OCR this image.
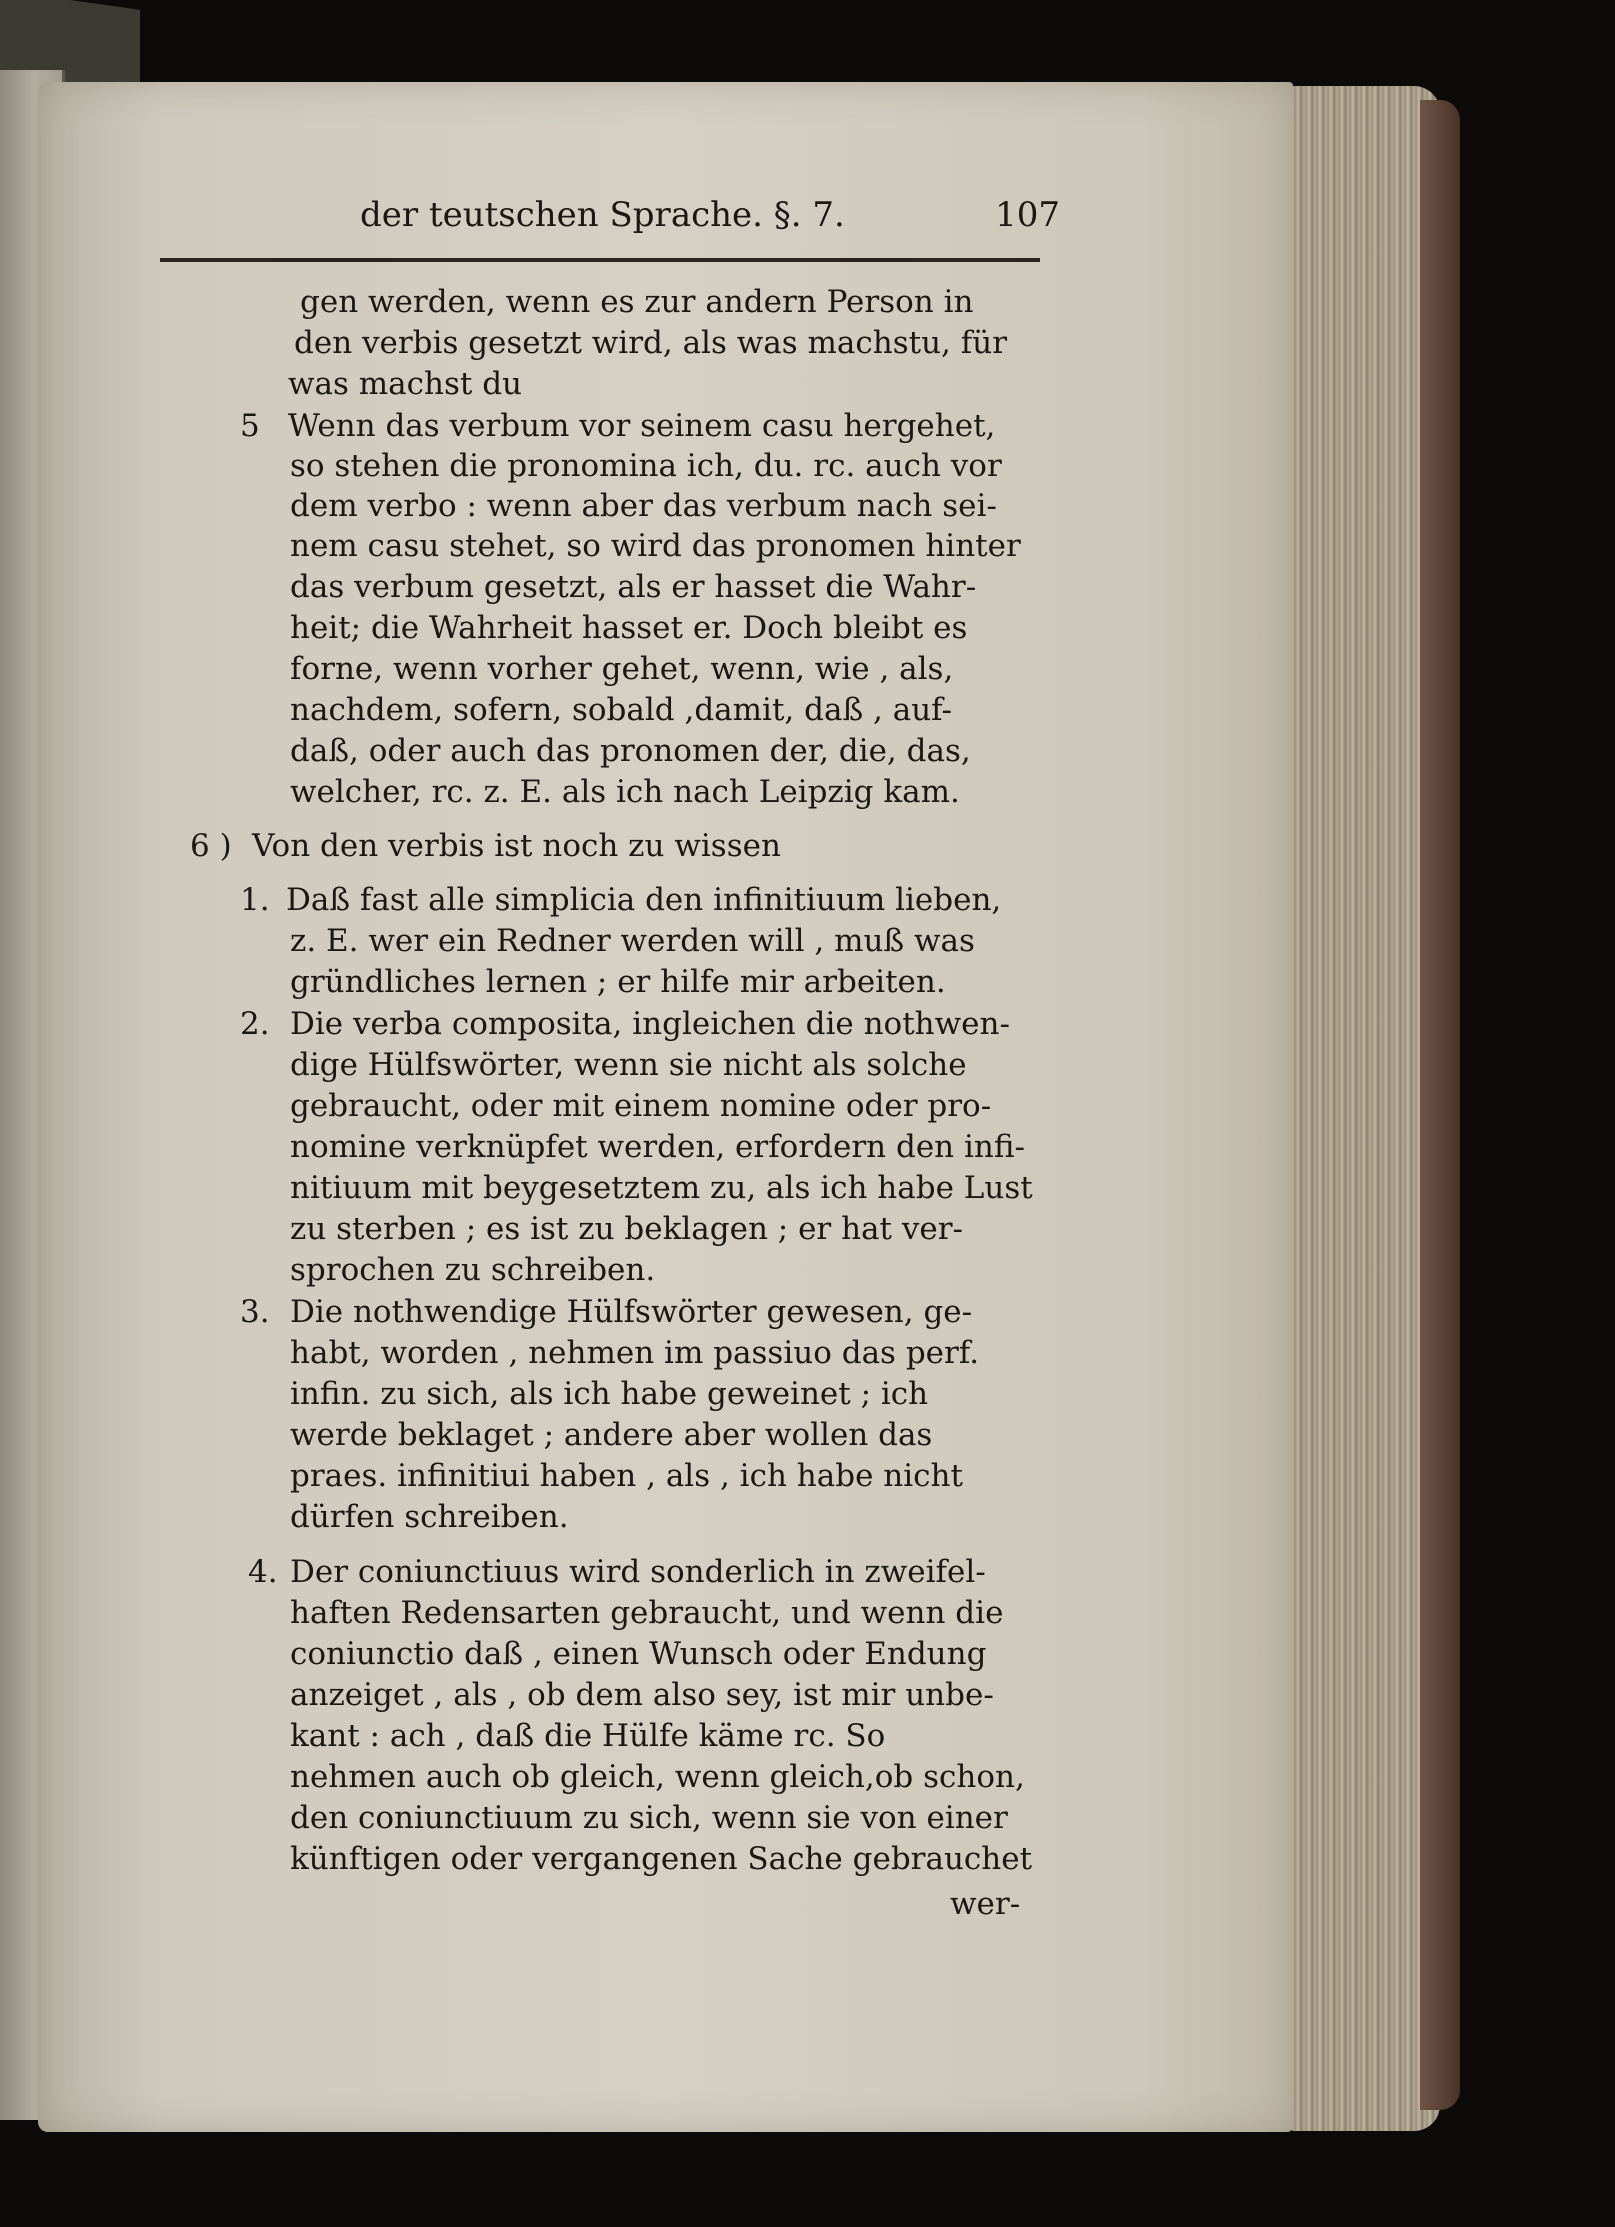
der teutschen Sprache. §. 7.	107
5
6 )
1.
2.
3.
4.
gen werden, wenn es zur andern Person in
den verbis gesetzt wird, als was machstu, für
was machst du
Wenn das verbum vor seinem casu hergehet,
so stehen die pronomina ich, du. rc. auch vor
dem verbo : wenn aber das verbum nach sei-
nem casu stehet, so wird das pronomen hinter
das verbum gesetzt, als er hasset die Wahr-
heit; die Wahrheit hasset er. Doch bleibt es
forne, wenn vorher gehet, wenn, wie , als,
nachdem, sofern, sobald ,damit, daß , auf-
daß, oder auch das pronomen der, die, das,
welcher, rc. z. E. als ich nach Leipzig kam.
Von den verbis ist noch zu wissen
Daß fast alle simplicia den infinitiuum lieben,
z. E. wer ein Redner werden will , muß was
gründliches lernen ; er hilfe mir arbeiten.
Die verba composita, ingleichen die nothwen-
dige Hülfswörter, wenn sie nicht als solche
gebraucht, oder mit einem nomine oder pro-
nomine verknüpfet werden, erfordern den infi-
nitiuum mit beygesetztem zu, als ich habe Lust
zu sterben ; es ist zu beklagen ; er hat ver-
sprochen zu schreiben.
Die nothwendige Hülfswörter gewesen, ge-
habt, worden , nehmen im passiuo das perf.
infin. zu sich, als ich habe geweinet ; ich
werde beklaget ; andere aber wollen das
praes. infinitiui haben , als , ich habe nicht
dürfen schreiben.
Der coniunctiuus wird sonderlich in zweifel-
haften Redensarten gebraucht, und wenn die
coniunctio daß , einen Wunsch oder Endung
anzeiget , als , ob dem also sey, ist mir unbe-
kant : ach , daß die Hülfe käme rc. So
nehmen auch ob gleich, wenn gleich,ob schon,
den coniunctiuum zu sich, wenn sie von einer
künftigen oder vergangenen Sache gebrauchet
wer-
